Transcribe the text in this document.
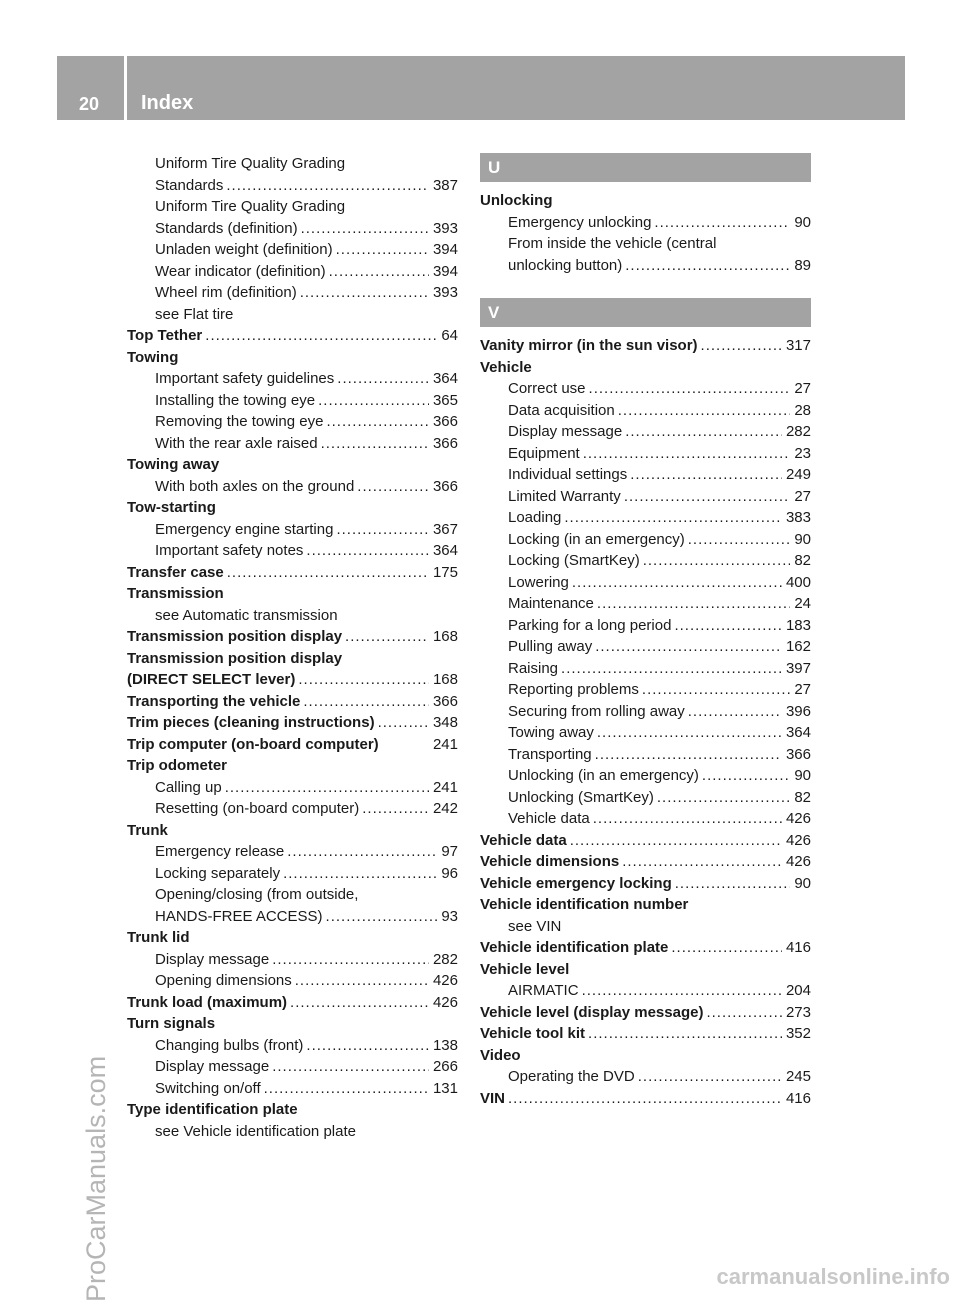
20 Index
ProCarManuals.com
Uniform Tire Quality Grading
Standards .....	387
Uniform Tire Quality Grading
Standards (definition) .....	393
Unladen weight (definition) .....	394
Wear indicator (definition) .....	394
Wheel rim (definition) .....	393
see Flat tire
Top Tether .....	64
Towing
Important safety guidelines .....	364
Installing the towing eye .....	365
Removing the towing eye .....	366
With the rear axle raised .....	366
Towing away
With both axles on the ground .....	366
Tow-starting
Emergency engine starting .....	367
Important safety notes .....	364
Transfer case .....	175
Transmission
see Automatic transmission
Transmission position display .....	168
Transmission position display
(DIRECT SELECT lever) .....	168
Transporting the vehicle .....	366
Trim pieces (cleaning instructions) .....	348
Trip computer (on-board computer)	241
Trip odometer
Calling up .....	241
Resetting (on-board computer) .....	242
Trunk
Emergency release .....	97
Locking separately .....	96
Opening/closing (from outside,
HANDS-FREE ACCESS) .....	93
Trunk lid
Display message .....	282
Opening dimensions .....	426
Trunk load (maximum) .....	426
Turn signals
Changing bulbs (front) .....	138
Display message .....	266
Switching on/off .....	131
Type identification plate
see Vehicle identification plate
U
Unlocking
Emergency unlocking .....	90
From inside the vehicle (central
unlocking button) .....	89
V
Vanity mirror (in the sun visor) .....	317
Vehicle
Correct use .....	27
Data acquisition .....	28
Display message .....	282
Equipment .....	23
Individual settings .....	249
Limited Warranty .....	27
Loading .....	383
Locking (in an emergency) .....	90
Locking (SmartKey) .....	82
Lowering .....	400
Maintenance .....	24
Parking for a long period .....	183
Pulling away .....	162
Raising .....	397
Reporting problems .....	27
Securing from rolling away .....	396
Towing away .....	364
Transporting .....	366
Unlocking (in an emergency) .....	90
Unlocking (SmartKey) .....	82
Vehicle data .....	426
Vehicle data .....	426
Vehicle dimensions .....	426
Vehicle emergency locking .....	90
Vehicle identification number
see VIN
Vehicle identification plate .....	416
Vehicle level
AIRMATIC .....	204
Vehicle level (display message) .....	273
Vehicle tool kit .....	352
Video
Operating the DVD .....	245
VIN .....	416
carmanualsonline.info
